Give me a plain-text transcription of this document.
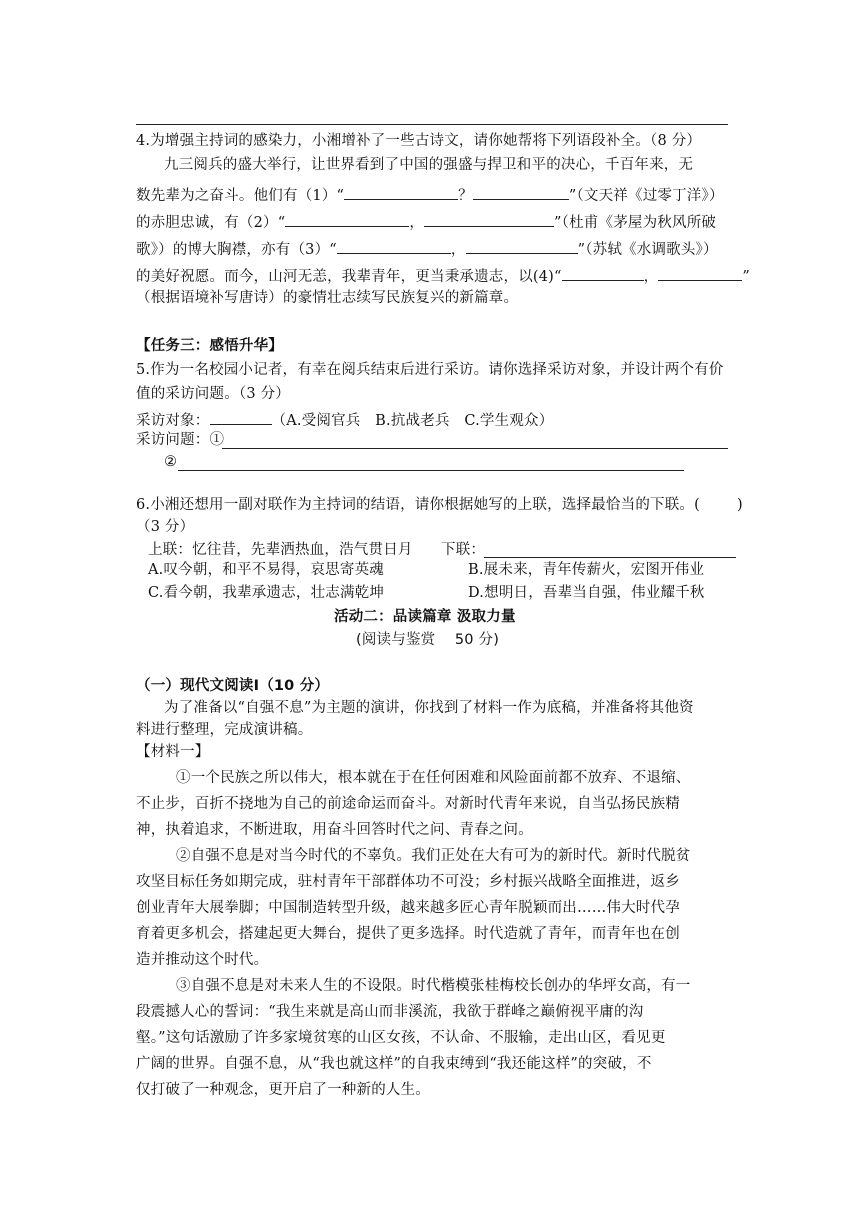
4.为增强主持词的感染力，小湘增补了一些古诗文，请你她帮将下列语段补全。（8 分）
九三阅兵的盛大举行，让世界看到了中国的强盛与捍卫和平的决心，千百年来，无
数先辈为之奋斗。他们有（1）“	？	”（文天祥《过零丁洋》）
的赤胆忠诚，有（2）“	，	”（杜甫《茅屋为秋风所破
歌》）的博大胸襟，亦有（3）“	，	”（苏轼《水调歌头》）
的美好祝愿。而今，山河无恙，我辈青年，更当秉承遗志，以(4)“	，	”
（根据语境补写唐诗）的豪情壮志续写民族复兴的新篇章。
【任务三：感悟升华】
5.作为一名校园小记者，有幸在阅兵结束后进行采访。请你选择采访对象，并设计两个有价
值的采访问题。（3 分）
采访对象：	（A.受阅官兵　B.抗战老兵　C.学生观众）
采访问题：①
②
6.小湘还想用一副对联作为主持词的结语，请你根据她写的上联，选择最恰当的下联。(	)
（3 分）
上联：忆往昔，先辈洒热血，浩气贯日月 下联：
A.叹今朝，和平不易得，哀思寄英魂	B.展未来，青年传薪火，宏图开伟业
C.看今朝，我辈承遗志，壮志满乾坤	D.想明日，吾辈当自强，伟业耀千秋
活动二：品读篇章 汲取力量
(阅读与鉴赏　 50 分)
（一）现代文阅读Ⅰ（10 分）
为了准备以“自强不息”为主题的演讲，你找到了材料一作为底稿，并准备将其他资
料进行整理，完成演讲稿。
【材料一】
①一个民族之所以伟大，根本就在于在任何困难和风险面前都不放弃、不退缩、
不止步，百折不挠地为自己的前途命运而奋斗。对新时代青年来说，自当弘扬民族精
神，执着追求，不断进取，用奋斗回答时代之问、青春之问。
②自强不息是对当今时代的不辜负。我们正处在大有可为的新时代。新时代脱贫
攻坚目标任务如期完成，驻村青年干部群体功不可没；乡村振兴战略全面推进，返乡
创业青年大展拳脚；中国制造转型升级，越来越多匠心青年脱颖而出……伟大时代孕
育着更多机会，搭建起更大舞台，提供了更多选择。时代造就了青年，而青年也在创
造并推动这个时代。
③自强不息是对未来人生的不设限。时代楷模张桂梅校长创办的华坪女高，有一
段震撼人心的誓词：“我生来就是高山而非溪流，我欲于群峰之巅俯视平庸的沟
壑。”这句话激励了许多家境贫寒的山区女孩，不认命、不服输，走出山区，看见更
广阔的世界。自强不息，从“我也就这样”的自我束缚到“我还能这样”的突破，不
仅打破了一种观念，更开启了一种新的人生。
